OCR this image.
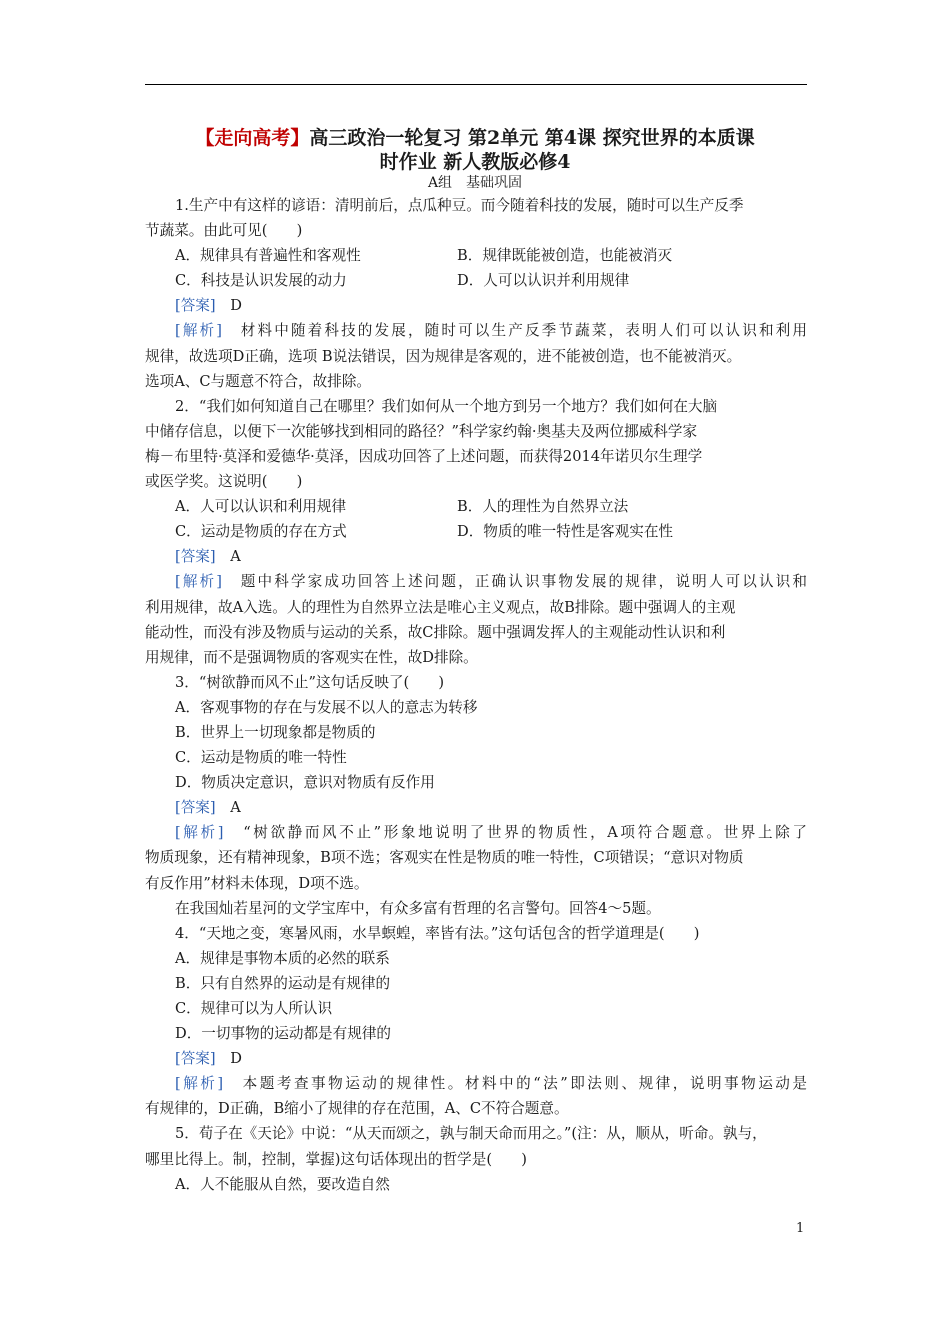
【走向高考】高三政治一轮复习 第2单元 第4课 探究世界的本质课
时作业 新人教版必修4
A组　基础巩固
1.生产中有这样的谚语：清明前后，点瓜种豆。而今随着科技的发展，随时可以生产反季
节蔬菜。由此可见(　　)
A．规律具有普遍性和客观性	B．规律既能被创造，也能被消灭
C．科技是认识发展的动力	D．人可以认识并利用规律
[答案]　 D
[解析]　 材料中随着科技的发展，随时可以生产反季节蔬菜，表明人们可以认识和利用
规律，故选项D正确，选项 B说法错误，因为规律是客观的，进不能被创造，也不能被消灭。
选项A、C与题意不符合，故排除。
2．“我们如何知道自己在哪里？我们如何从一个地方到另一个地方？我们如何在大脑
中储存信息，以便下一次能够找到相同的路径？”科学家约翰·奥基夫及两位挪威科学家
梅－布里特·莫泽和爱德华·莫泽，因成功回答了上述问题，而获得2014年诺贝尔生理学
或医学奖。这说明(　　)
A．人可以认识和利用规律	B．人的理性为自然界立法
C．运动是物质的存在方式	D．物质的唯一特性是客观实在性
[答案]　 A
[解析]　 题中科学家成功回答上述问题，正确认识事物发展的规律，说明人可以认识和
利用规律，故A入选。人的理性为自然界立法是唯心主义观点，故B排除。题中强调人的主观
能动性，而没有涉及物质与运动的关系，故C排除。题中强调发挥人的主观能动性认识和利
用规律，而不是强调物质的客观实在性，故D排除。
3．“树欲静而风不止”这句话反映了(　　)
A．客观事物的存在与发展不以人的意志为转移
B．世界上一切现象都是物质的
C．运动是物质的唯一特性
D．物质决定意识，意识对物质有反作用
[答案]　 A
[解析]　 “树欲静而风不止”形象地说明了世界的物质性，A项符合题意。世界上除了
物质现象，还有精神现象，B项不选；客观实在性是物质的唯一特性，C项错误；“意识对物质
有反作用”材料未体现，D项不选。
在我国灿若星河的文学宝库中，有众多富有哲理的名言警句。回答4～5题。
4．“天地之变，寒暑风雨，水旱螟蝗，率皆有法。”这句话包含的哲学道理是(　　)
A．规律是事物本质的必然的联系
B．只有自然界的运动是有规律的
C．规律可以为人所认识
D．一切事物的运动都是有规律的
[答案]　 D
[解析]　 本题考查事物运动的规律性。材料中的“法”即法则、规律，说明事物运动是
有规律的，D正确，B缩小了规律的存在范围，A、C不符合题意。
5．荀子在《天论》中说：“从天而颂之，孰与制天命而用之。”(注：从，顺从，听命。孰与，
哪里比得上。制，控制，掌握)这句话体现出的哲学是(　　)
A．人不能服从自然，要改造自然
1
